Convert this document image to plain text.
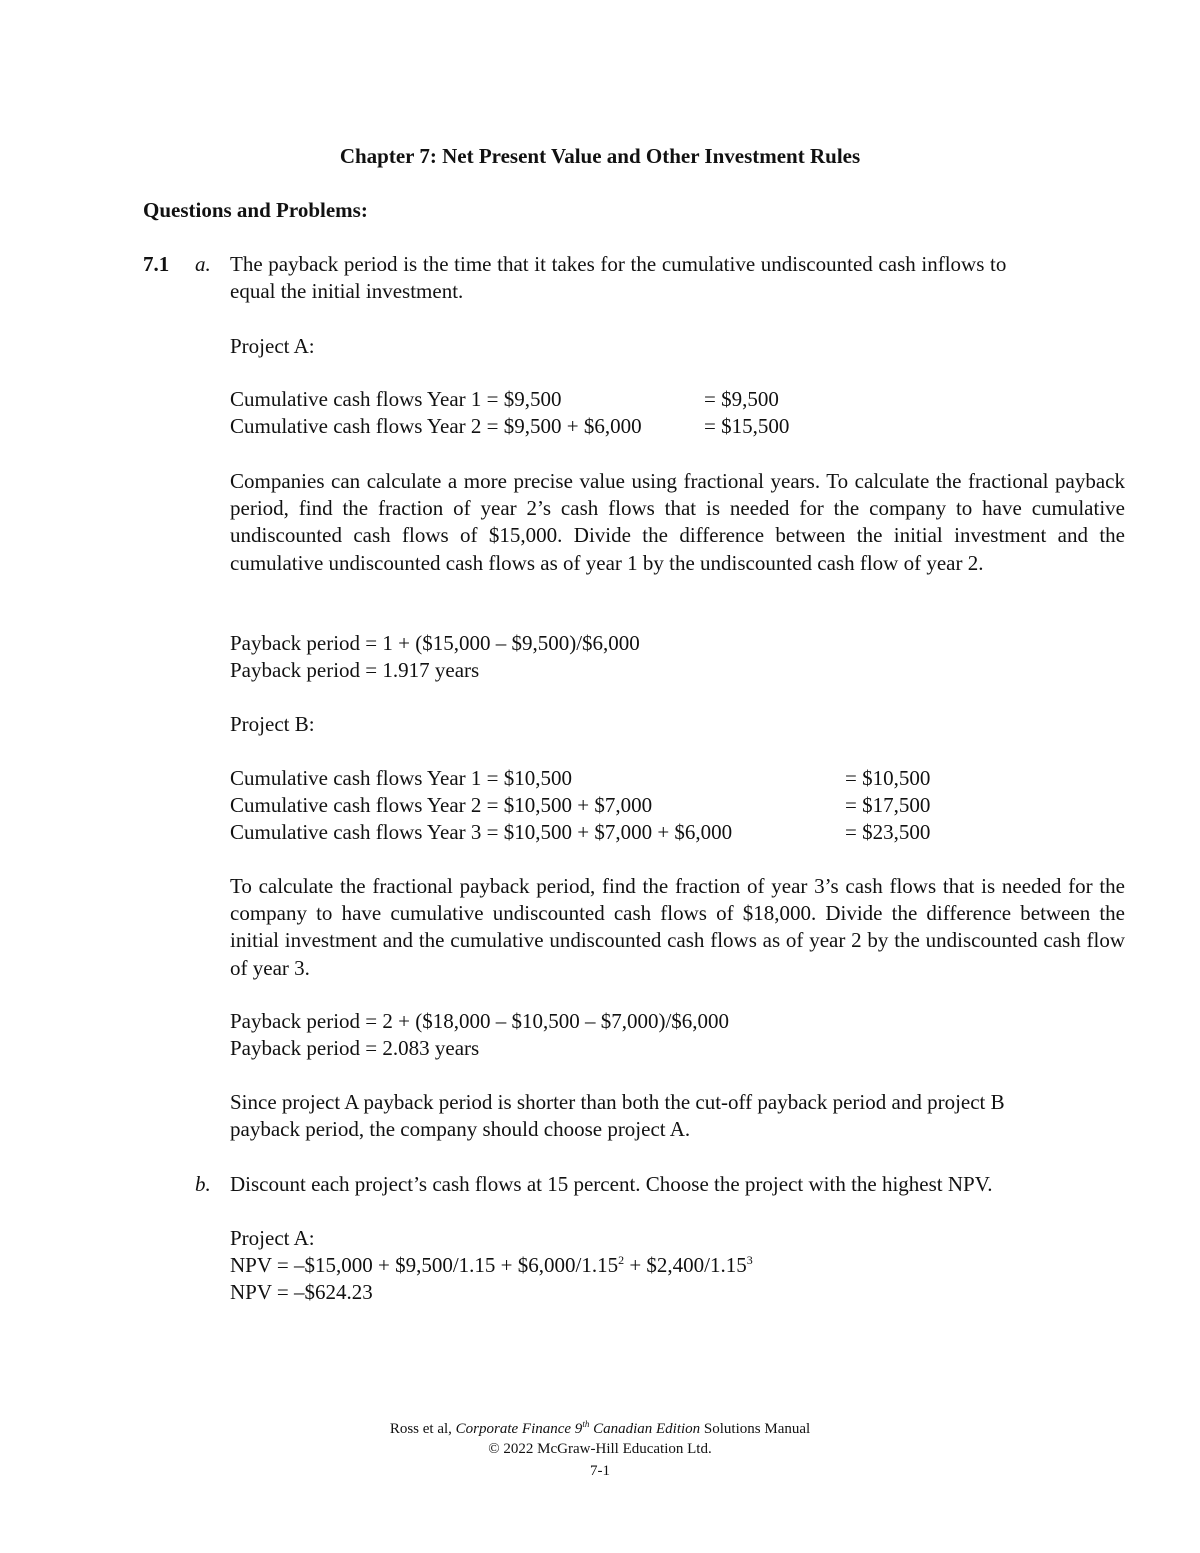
Chapter 7: Net Present Value and Other Investment Rules
Questions and Problems:
7.1 a. The payback period is the time that it takes for the cumulative undiscounted cash inflows to
equal the initial investment.
Project A:
Cumulative cash flows Year 1 = $9,500	= $9,500
Cumulative cash flows Year 2 = $9,500 + $6,000	= $15,500
Companies can calculate a more precise value using fractional years. To calculate the fractional payback period, find the fraction of year 2’s cash flows that is needed for the company to have cumulative undiscounted cash flows of $15,000. Divide the difference between the initial investment and the cumulative undiscounted cash flows as of year 1 by the undiscounted cash flow of year 2.
Payback period = 1 + ($15,000 – $9,500)/$6,000
Payback period = 1.917 years
Project B:
Cumulative cash flows Year 1 = $10,500	= $10,500
Cumulative cash flows Year 2 = $10,500 + $7,000	= $17,500
Cumulative cash flows Year 3 = $10,500 + $7,000 + $6,000	= $23,500
To calculate the fractional payback period, find the fraction of year 3’s cash flows that is needed for the company to have cumulative undiscounted cash flows of $18,000. Divide the difference between the initial investment and the cumulative undiscounted cash flows as of year 2 by the undiscounted cash flow of year 3.
Payback period = 2 + ($18,000 – $10,500 – $7,000)/$6,000
Payback period = 2.083 years
Since project A payback period is shorter than both the cut-off payback period and project B
payback period, the company should choose project A.
b. Discount each project’s cash flows at 15 percent. Choose the project with the highest NPV.
Project A:
NPV = –$15,000 + $9,500/1.15 + $\$6,000/1.15^2$ + $\$2,400/1.15^3$
NPV = –$624.23
Ross et al, Corporate Finance 9th Canadian Edition Solutions Manual
© 2022 McGraw-Hill Education Ltd.
7-1
